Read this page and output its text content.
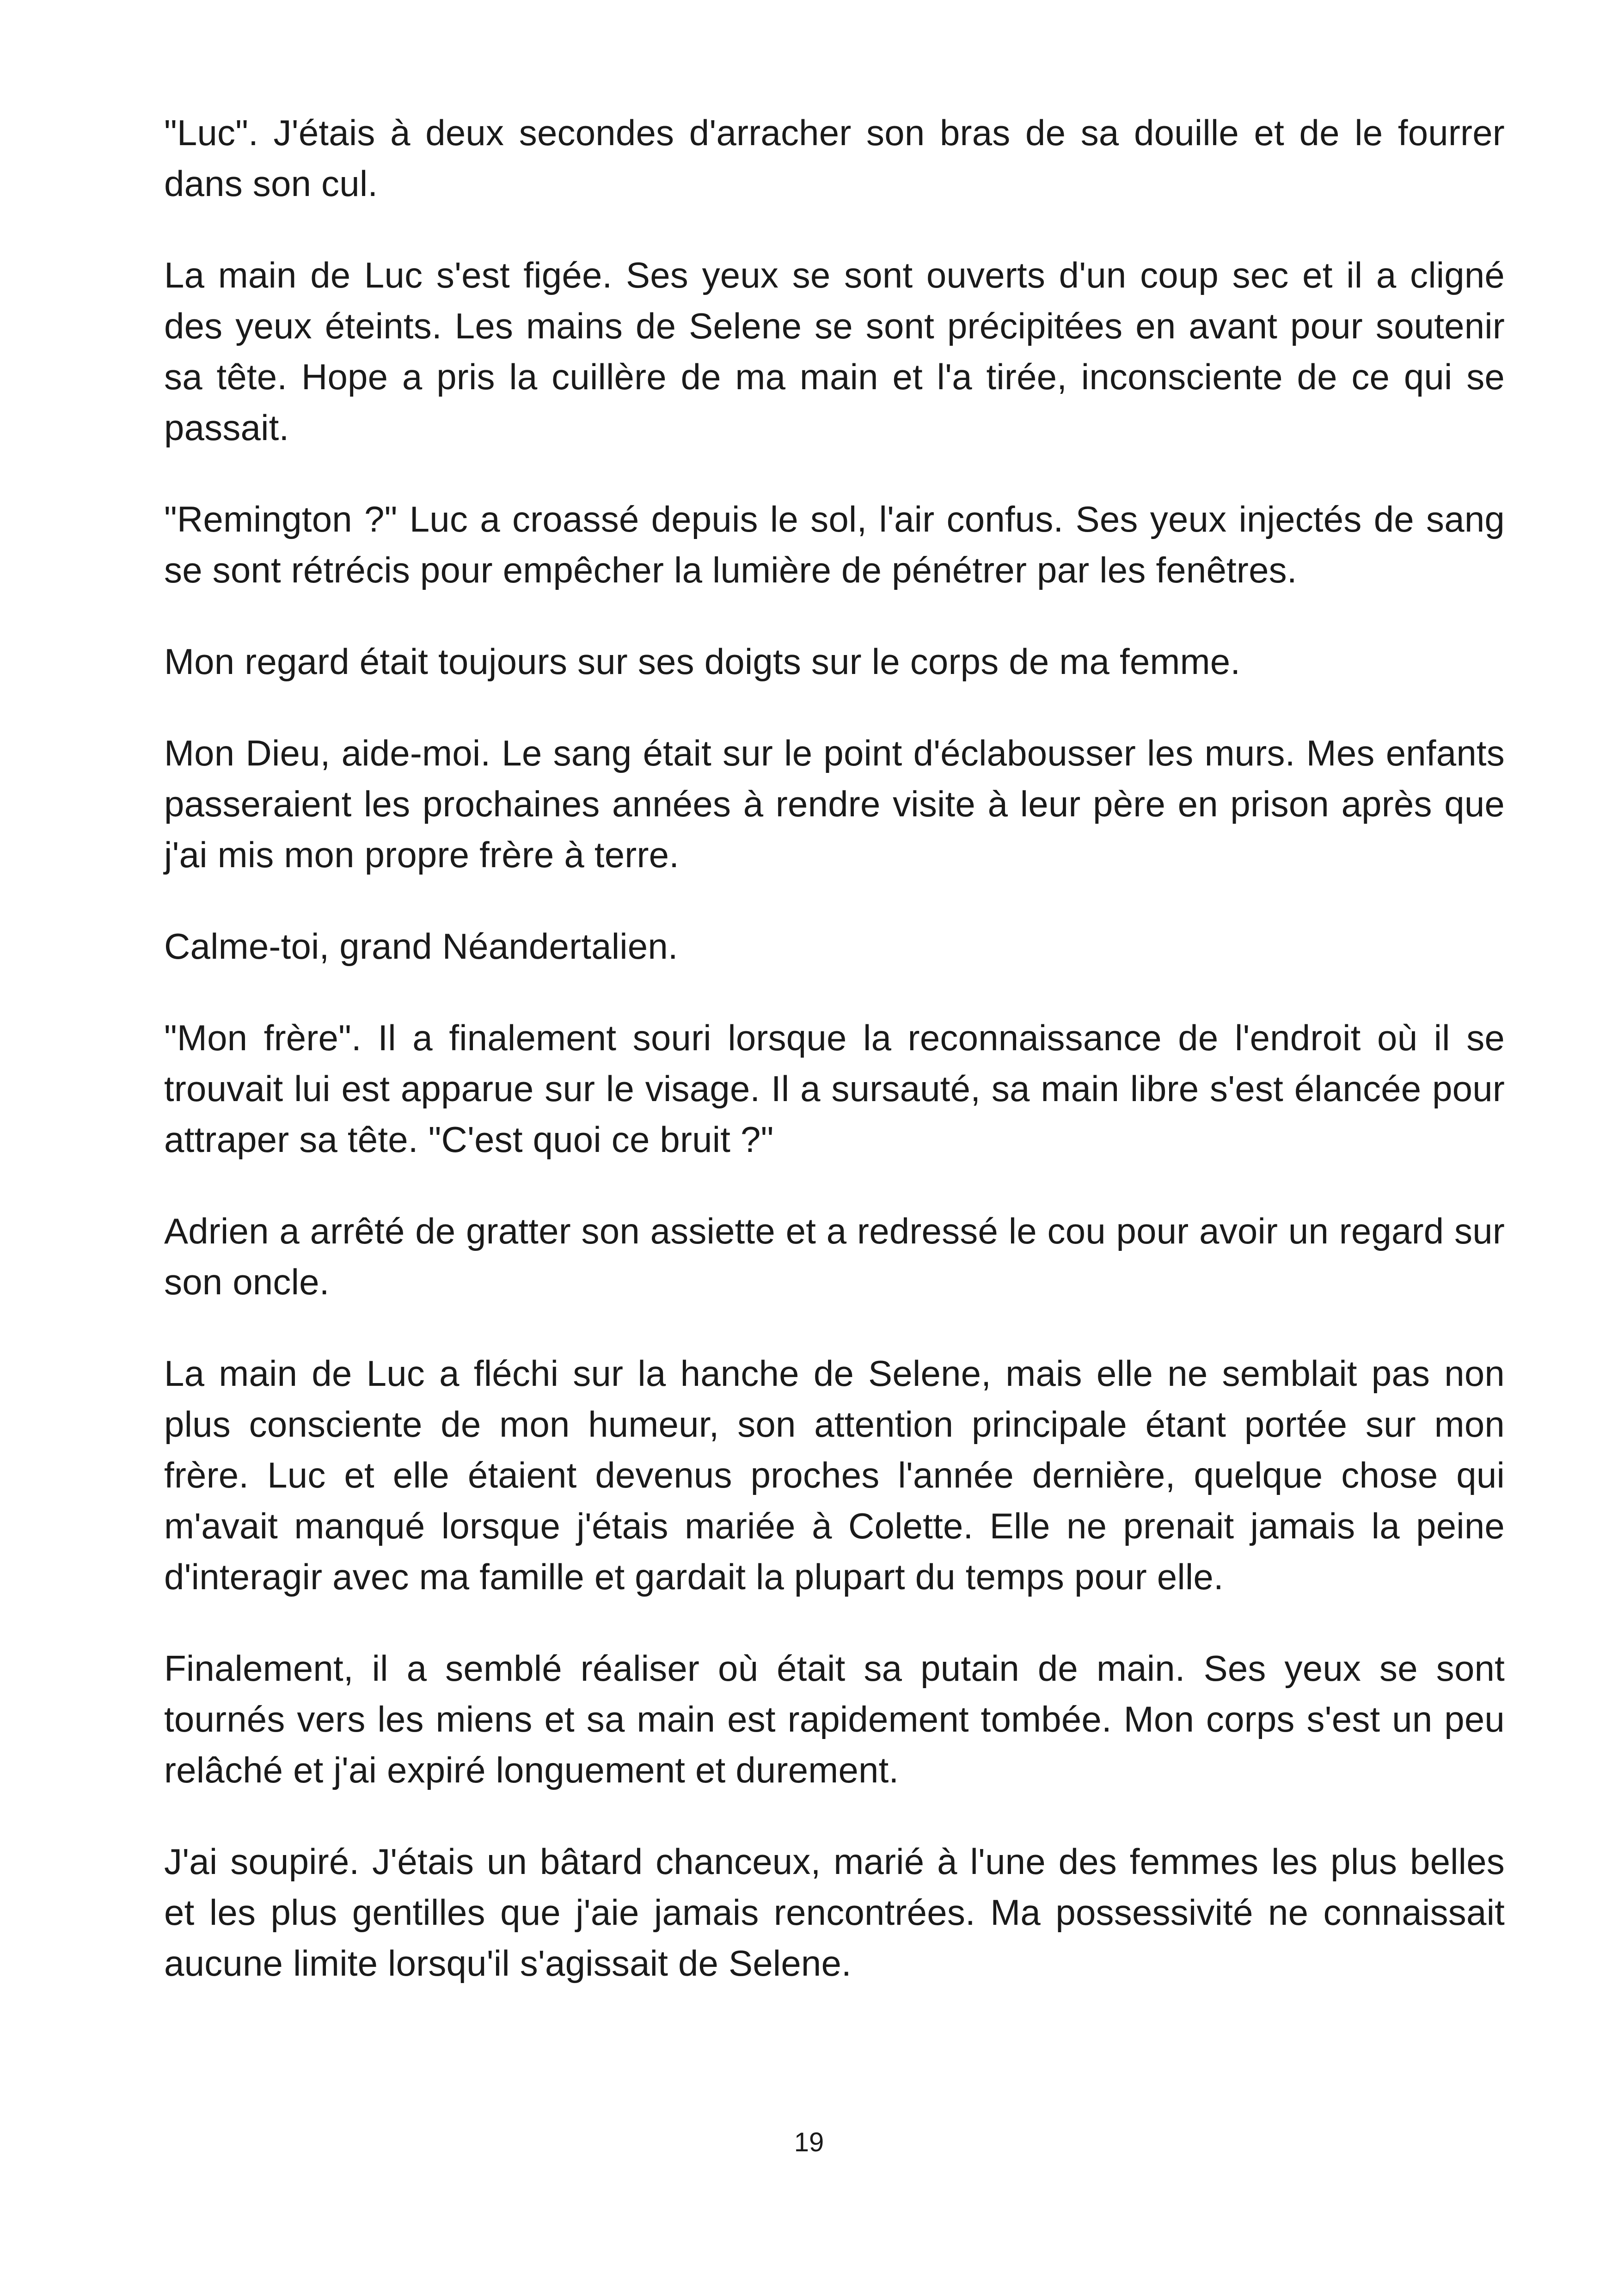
"Luc". J'étais à deux secondes d'arracher son bras de sa douille et de le fourrer dans son cul.

La main de Luc s'est figée. Ses yeux se sont ouverts d'un coup sec et il a cligné des yeux éteints. Les mains de Selene se sont précipitées en avant pour soutenir sa tête. Hope a pris la cuillère de ma main et l'a tirée, inconsciente de ce qui se passait.

"Remington ?" Luc a croassé depuis le sol, l'air confus. Ses yeux injectés de sang se sont rétrécis pour empêcher la lumière de pénétrer par les fenêtres.

Mon regard était toujours sur ses doigts sur le corps de ma femme.

Mon Dieu, aide-moi. Le sang était sur le point d'éclabousser les murs. Mes enfants passeraient les prochaines années à rendre visite à leur père en prison après que j'ai mis mon propre frère à terre.

Calme-toi, grand Néandertalien.

"Mon frère". Il a finalement souri lorsque la reconnaissance de l'endroit où il se trouvait lui est apparue sur le visage. Il a sursauté, sa main libre s'est élancée pour attraper sa tête. "C'est quoi ce bruit ?"

Adrien a arrêté de gratter son assiette et a redressé le cou pour avoir un regard sur son oncle.

La main de Luc a fléchi sur la hanche de Selene, mais elle ne semblait pas non plus consciente de mon humeur, son attention principale étant portée sur mon frère. Luc et elle étaient devenus proches l'année dernière, quelque chose qui m'avait manqué lorsque j'étais mariée à Colette. Elle ne prenait jamais la peine d'interagir avec ma famille et gardait la plupart du temps pour elle.

Finalement, il a semblé réaliser où était sa putain de main. Ses yeux se sont tournés vers les miens et sa main est rapidement tombée. Mon corps s'est un peu relâché et j'ai expiré longuement et durement.

J'ai soupiré. J'étais un bâtard chanceux, marié à l'une des femmes les plus belles et les plus gentilles que j'aie jamais rencontrées. Ma possessivité ne connaissait aucune limite lorsqu'il s'agissait de Selene.

19
